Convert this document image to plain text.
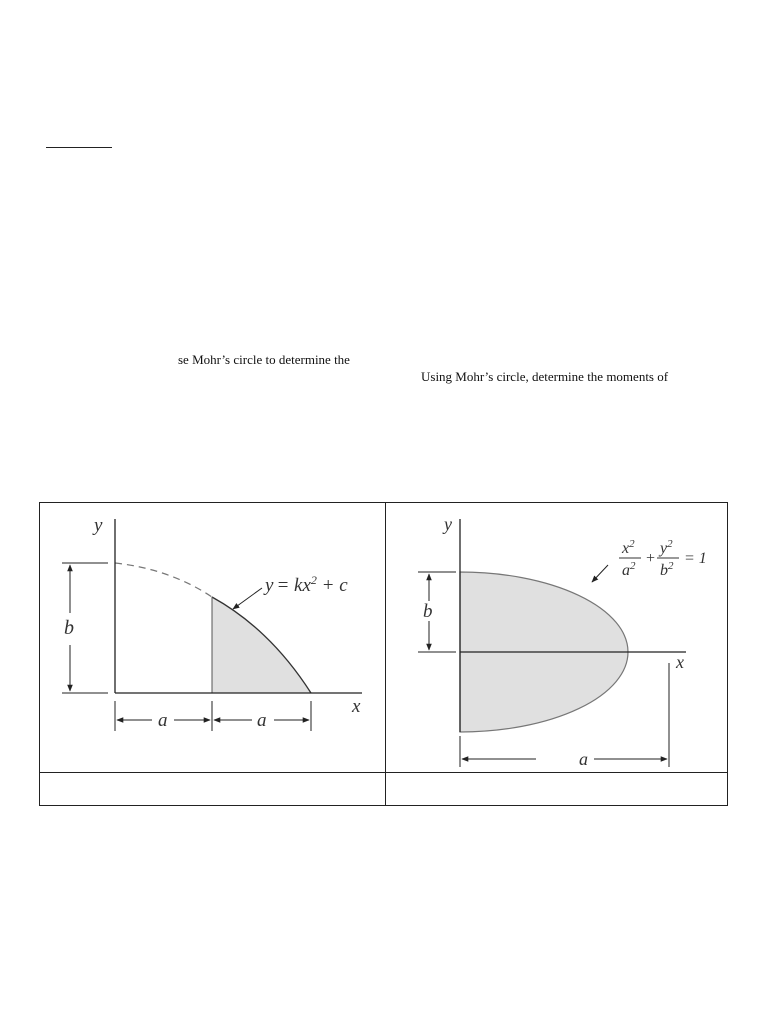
se Mohr’s circle to determine the
Using Mohr’s circle, determine the moments of
b
a	a
y
x
$y = kx^2 + c$
b
a
y
x
$x^2$
$a^2$ +
$y^2$
$b^2 = 1$
